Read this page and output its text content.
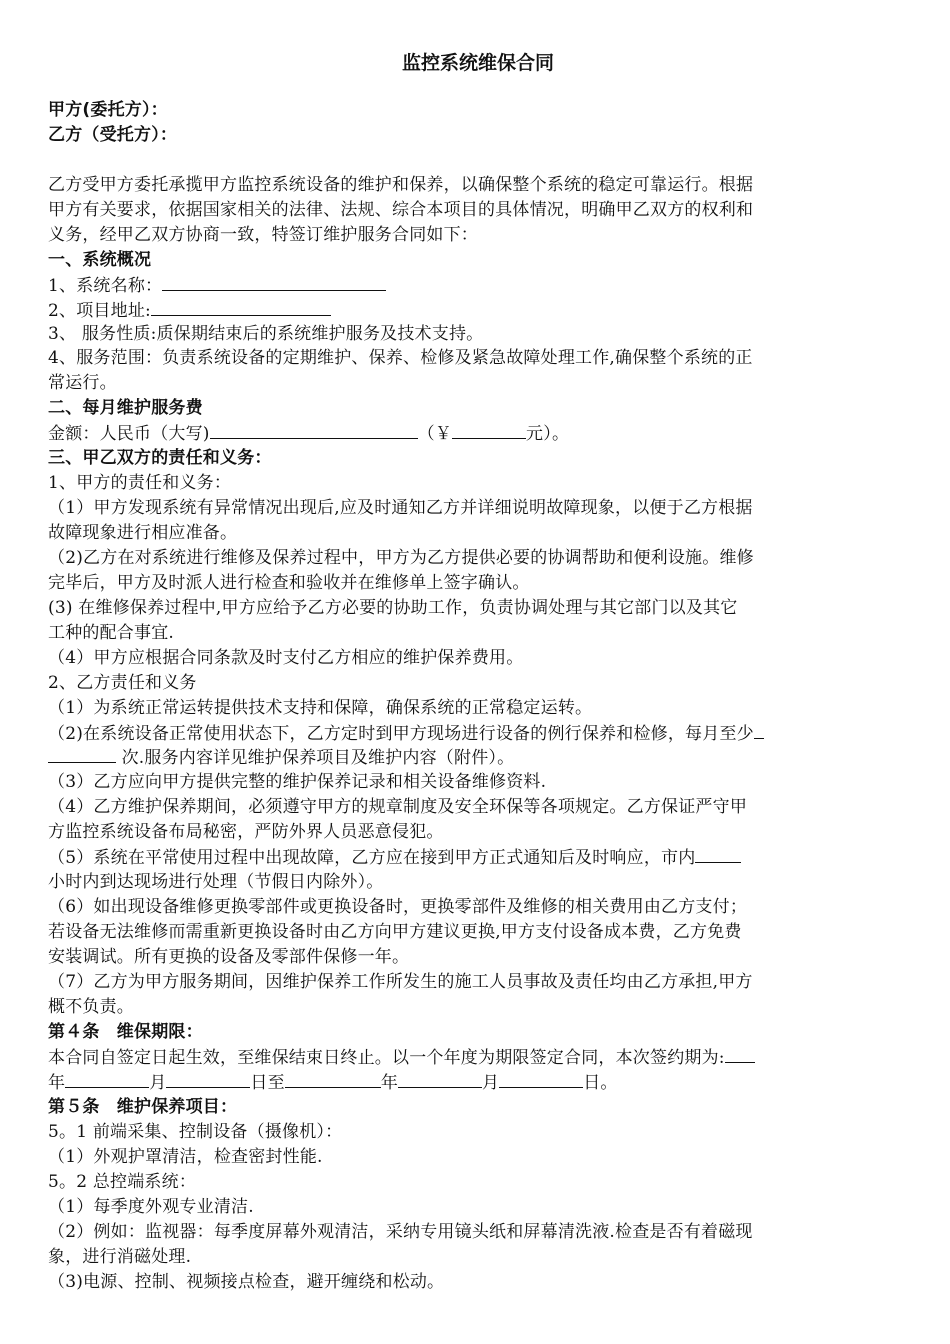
监控系统维保合同
甲方(委托方）：
乙方（受托方）：
乙方受甲方委托承揽甲方监控系统设备的维护和保养，以确保整个系统的稳定可靠运行。根据
甲方有关要求，依据国家相关的法律、法规、综合本项目的具体情况，明确甲乙双方的权利和
义务，经甲乙双方协商一致，特签订维护服务合同如下：
一、系统概况
1、系统名称：
2、项目地址:
3、 服务性质:质保期结束后的系统维护服务及技术支持。
4、服务范围：负责系统设备的定期维护、保养、检修及紧急故障处理工作,确保整个系统的正
常运行。
二、每月维护服务费
金额：人民币（大写)	（￥	元）。
三、甲乙双方的责任和义务：
1、甲方的责任和义务：
（1）甲方发现系统有异常情况出现后,应及时通知乙方并详细说明故障现象，以便于乙方根据
故障现象进行相应准备。
（2)乙方在对系统进行维修及保养过程中，甲方为乙方提供必要的协调帮助和便利设施。维修
完毕后，甲方及时派人进行检查和验收并在维修单上签字确认。
(3) 在维修保养过程中,甲方应给予乙方必要的协助工作，负责协调处理与其它部门以及其它
工种的配合事宜.
（4）甲方应根据合同条款及时支付乙方相应的维护保养费用。
2、乙方责任和义务
（1）为系统正常运转提供技术支持和保障，确保系统的正常稳定运转。
（2)在系统设备正常使用状态下，乙方定时到甲方现场进行设备的例行保养和检修，每月至少
次.服务内容详见维护保养项目及维护内容（附件）。
（3）乙方应向甲方提供完整的维护保养记录和相关设备维修资料.
（4）乙方维护保养期间，必须遵守甲方的规章制度及安全环保等各项规定。乙方保证严守甲
方监控系统设备布局秘密，严防外界人员恶意侵犯。
（5）系统在平常使用过程中出现故障，乙方应在接到甲方正式通知后及时响应，市内
小时内到达现场进行处理（节假日内除外）。
（6）如出现设备维修更换零部件或更换设备时，更换零部件及维修的相关费用由乙方支付；
若设备无法维修而需重新更换设备时由乙方向甲方建议更换,甲方支付设备成本费，乙方免费
安装调试。所有更换的设备及零部件保修一年。
（7）乙方为甲方服务期间，因维护保养工作所发生的施工人员事故及责任均由乙方承担,甲方
概不负责。
第４条　维保期限：
本合同自签定日起生效，至维保结束日终止。以一个年度为期限签定合同，本次签约期为:
年	月	日至	年	月	日。
第５条　维护保养项目：
5。1 前端采集、控制设备（摄像机）：
（1）外观护罩清洁，检查密封性能.
5。2 总控端系统：
（1）每季度外观专业清洁.
（2）例如：监视器：每季度屏幕外观清洁，采纳专用镜头纸和屏幕清洗液.检查是否有着磁现
象，进行消磁处理.
（3)电源、控制、视频接点检查，避开缠绕和松动。
